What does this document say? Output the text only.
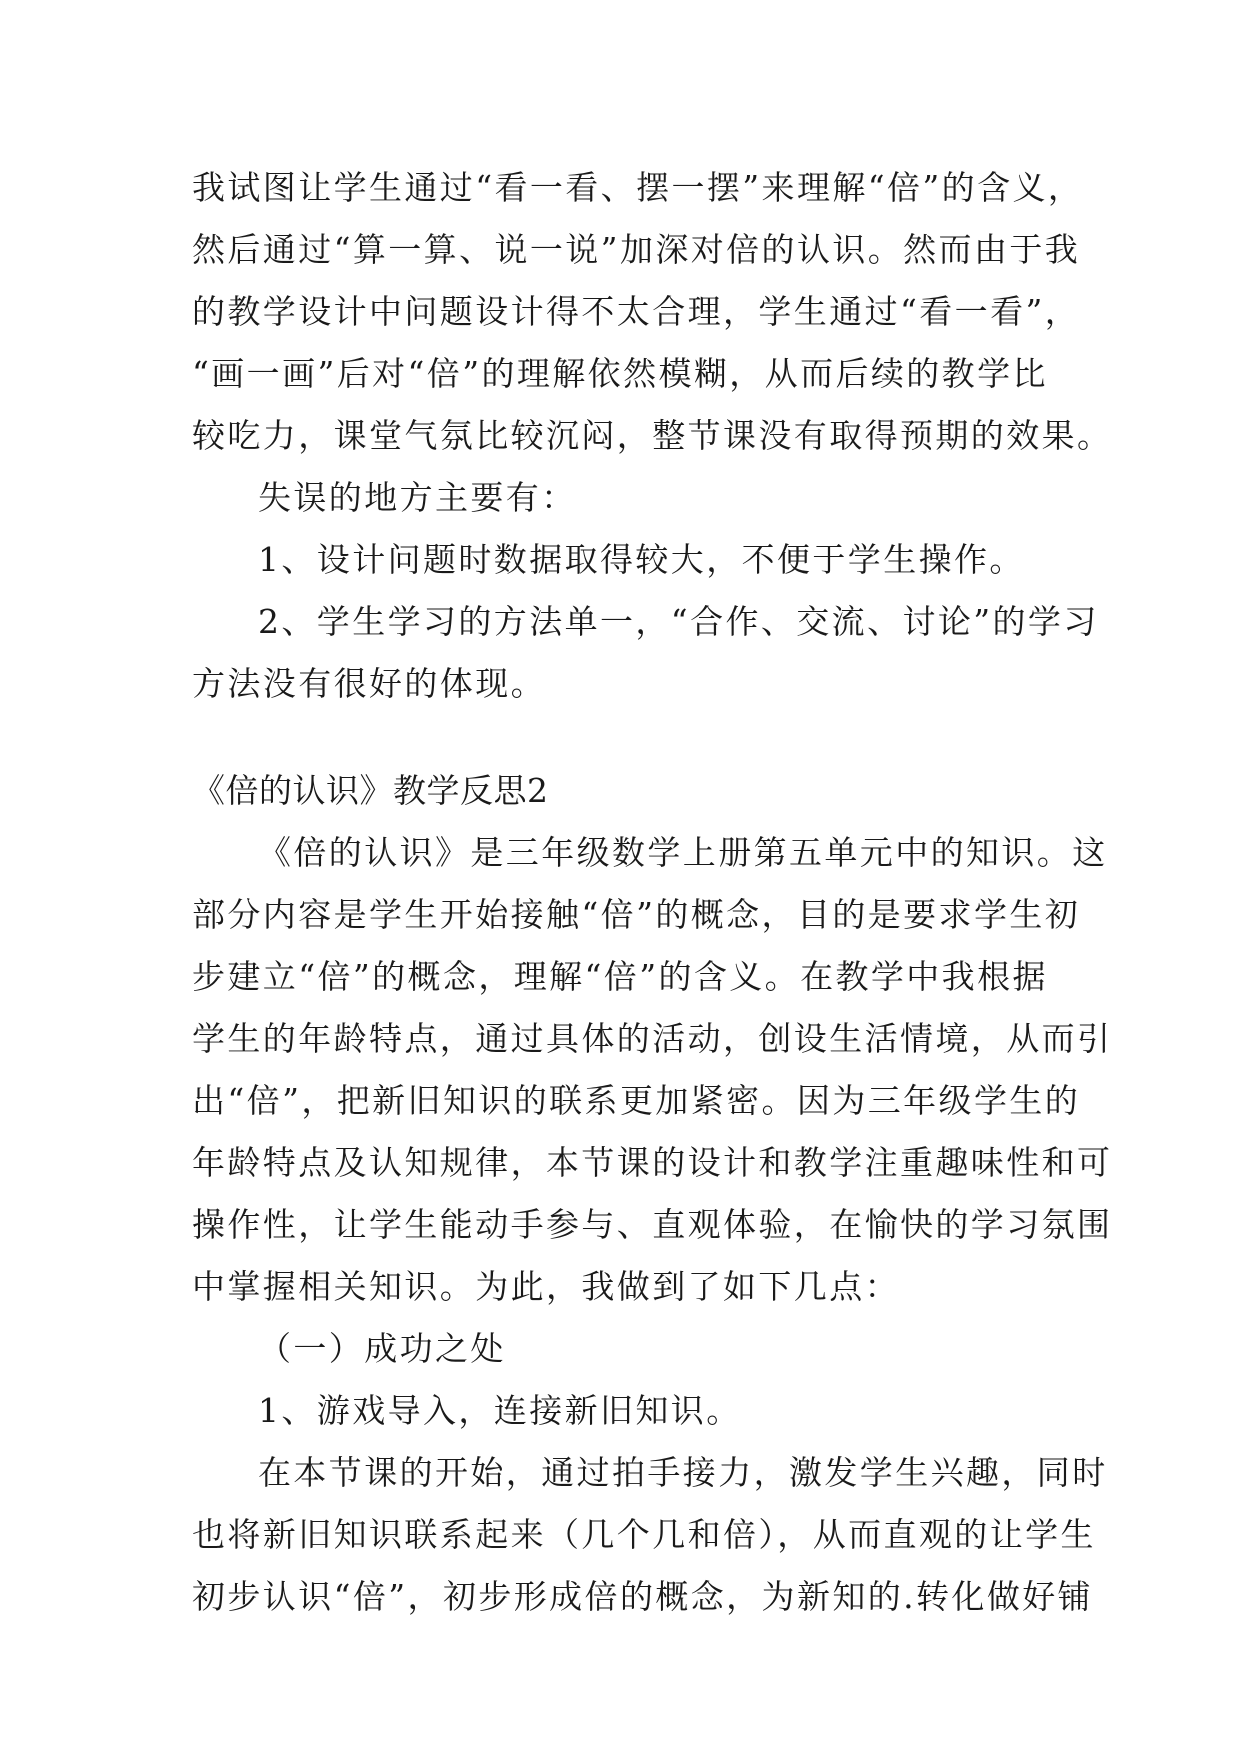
我试图让学生通过“看一看、摆一摆”来理解“倍”的含义，

然后通过“算一算、说一说”加深对倍的认识。然而由于我

的教学设计中问题设计得不太合理，学生通过“看一看”，

“画一画”后对“倍”的理解依然模糊，从而后续的教学比

较吃力，课堂气氛比较沉闷，整节课没有取得预期的效果。

失误的地方主要有：

1、设计问题时数据取得较大，不便于学生操作。

2、学生学习的方法单一，“合作、交流、讨论”的学习

方法没有很好的体现。

《倍的认识》教学反思2

《倍的认识》是三年级数学上册第五单元中的知识。这

部分内容是学生开始接触“倍”的概念，目的是要求学生初

步建立“倍”的概念，理解“倍”的含义。在教学中我根据

学生的年龄特点，通过具体的活动，创设生活情境，从而引

出“倍”，把新旧知识的联系更加紧密。因为三年级学生的

年龄特点及认知规律，本节课的设计和教学注重趣味性和可

操作性，让学生能动手参与、直观体验，在愉快的学习氛围

中掌握相关知识。为此，我做到了如下几点：

（一）成功之处

1、游戏导入，连接新旧知识。

在本节课的开始，通过拍手接力，激发学生兴趣，同时

也将新旧知识联系起来（几个几和倍），从而直观的让学生

初步认识“倍”，初步形成倍的概念，为新知的.转化做好铺
